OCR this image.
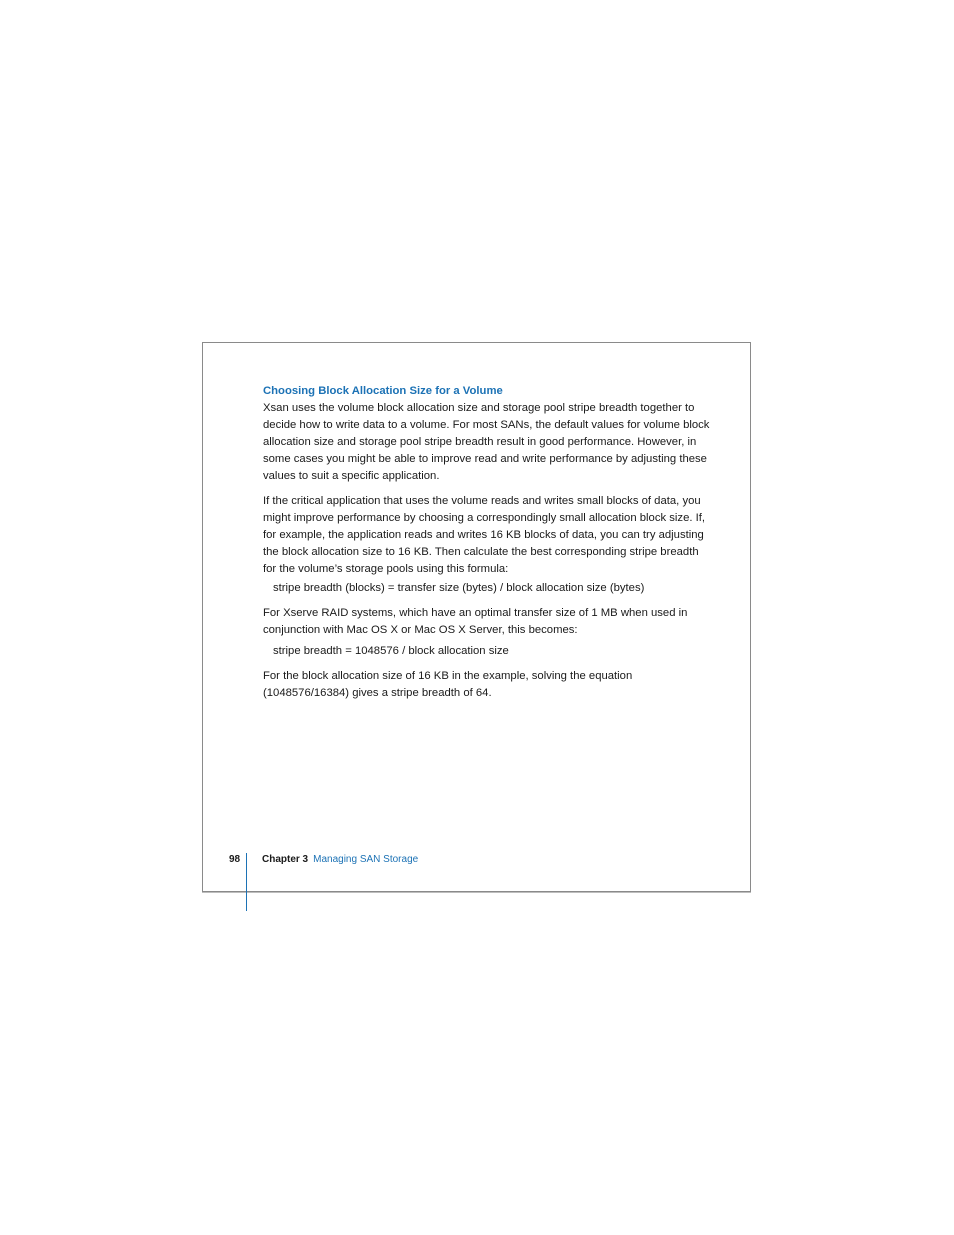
Choosing Block Allocation Size for a Volume

Xsan uses the volume block allocation size and storage pool stripe breadth together to decide how to write data to a volume. For most SANs, the default values for volume block allocation size and storage pool stripe breadth result in good performance. However, in some cases you might be able to improve read and write performance by adjusting these values to suit a specific application.

If the critical application that uses the volume reads and writes small blocks of data, you might improve performance by choosing a correspondingly small allocation block size. If, for example, the application reads and writes 16 KB blocks of data, you can try adjusting the block allocation size to 16 KB. Then calculate the best corresponding stripe breadth for the volume’s storage pools using this formula:

stripe breadth (blocks) = transfer size (bytes) / block allocation size (bytes)

For Xserve RAID systems, which have an optimal transfer size of 1 MB when used in conjunction with Mac OS X or Mac OS X Server, this becomes:

stripe breadth = 1048576 / block allocation size

For the block allocation size of 16 KB in the example, solving the equation (1048576/16384) gives a stripe breadth of 64.

98 Chapter 3 Managing SAN Storage
